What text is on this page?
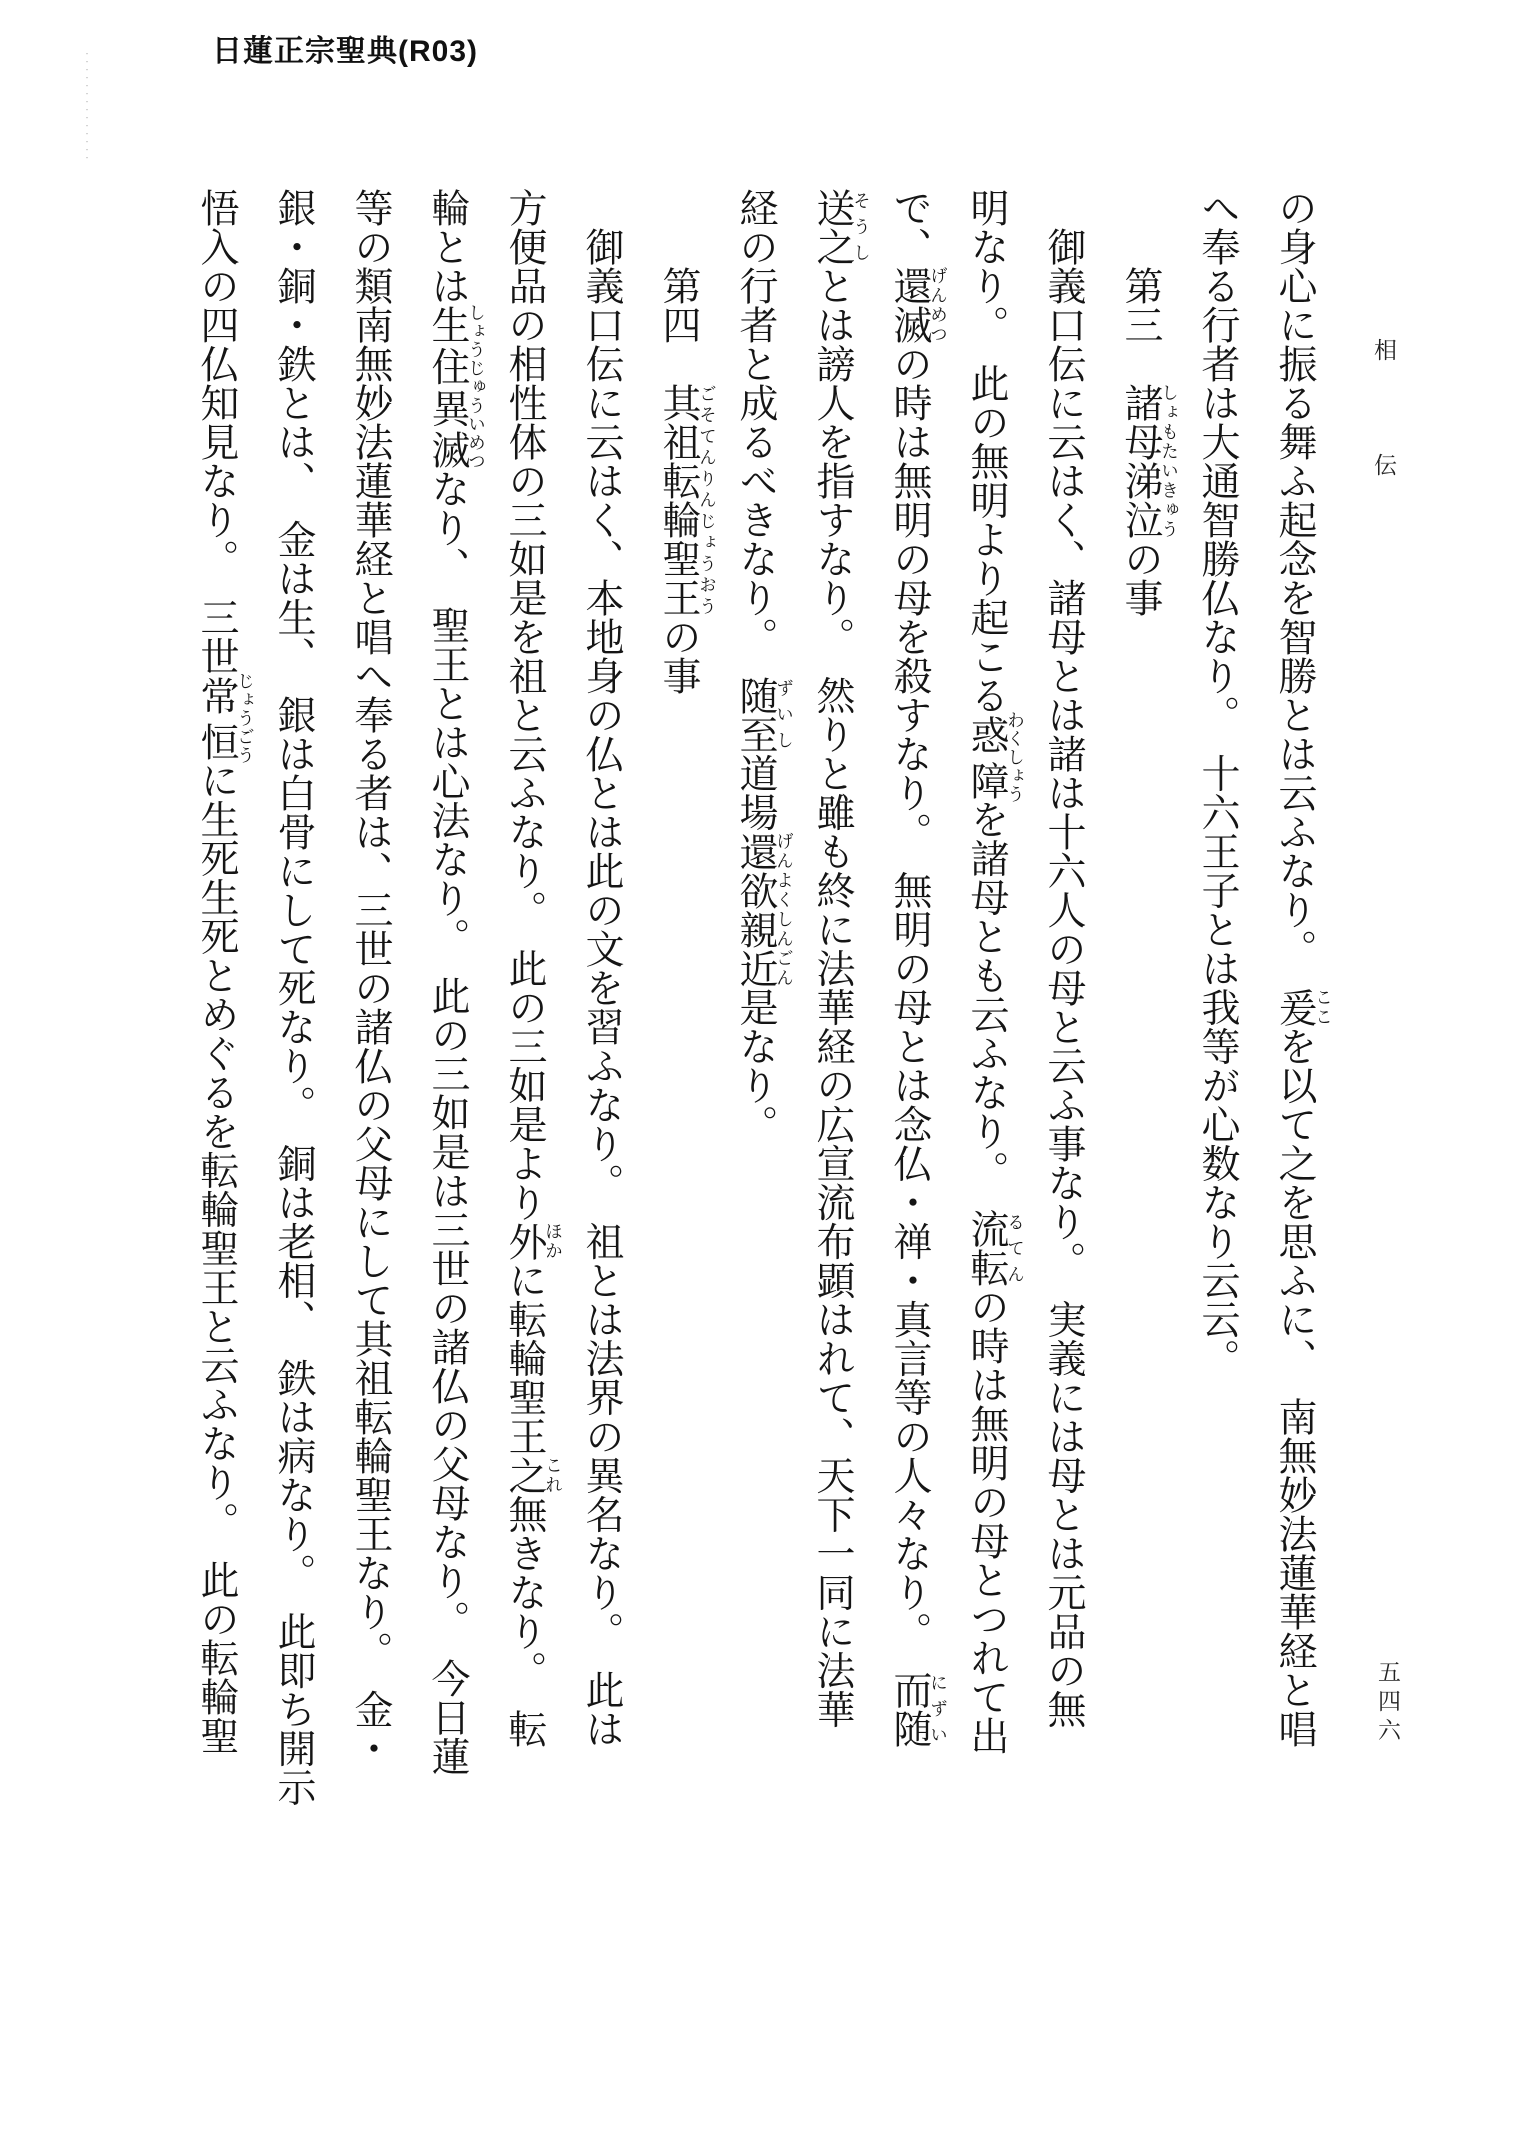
日蓮正宗聖典(R03)
・・・・・・・・・・・・・・
相　　　　伝
五四六
の身心に振る舞ふ起念を智勝とは云ふなり。　爰ここを以て之を思ふに、　南無妙法蓮華経と唱
へ奉る行者は大通智勝仏なり。　十六王子とは我等が心数なり云云。
　　第三　諸母涕泣しょもたいきゅうの事
　御義口伝に云はく、諸母とは諸は十六人の母と云ふ事なり。　実義には母とは元品の無
明なり。　此の無明より起こる惑障わくしょうを諸母とも云ふなり。　流転るてんの時は無明の母とつれて出
で、還滅げんめつの時は無明の母を殺すなり。　無明の母とは念仏・禅・真言等の人々なり。　而随にずい
送之そうしとは謗人を指すなり。　然りと雖も終に法華経の広宣流布顕はれて、天下一同に法華
経の行者と成るべきなり。　随至ずいし道場還欲親近げんよくしんごん是なり。
　　第四　其祖転輪聖王ごそてんりんじょうおうの事
　御義口伝に云はく、本地身の仏とは此の文を習ふなり。　祖とは法界の異名なり。　此は
方便品の相性体の三如是を祖と云ふなり。　此の三如是より外ほかに転輪聖王之これ無きなり。　転
輪とは生住異滅しょうじゅういめつなり、　聖王とは心法なり。　此の三如是は三世の諸仏の父母なり。　今日蓮
等の類南無妙法蓮華経と唱へ奉る者は、三世の諸仏の父母にして其祖転輪聖王なり。　金・
銀・銅・鉄とは、　金は生、　銀は白骨にして死なり。　銅は老相、　鉄は病なり。　此即ち開示
悟入の四仏知見なり。　三世常恒じょうごうに生死生死とめぐるを転輪聖王と云ふなり。　此の転輪聖
